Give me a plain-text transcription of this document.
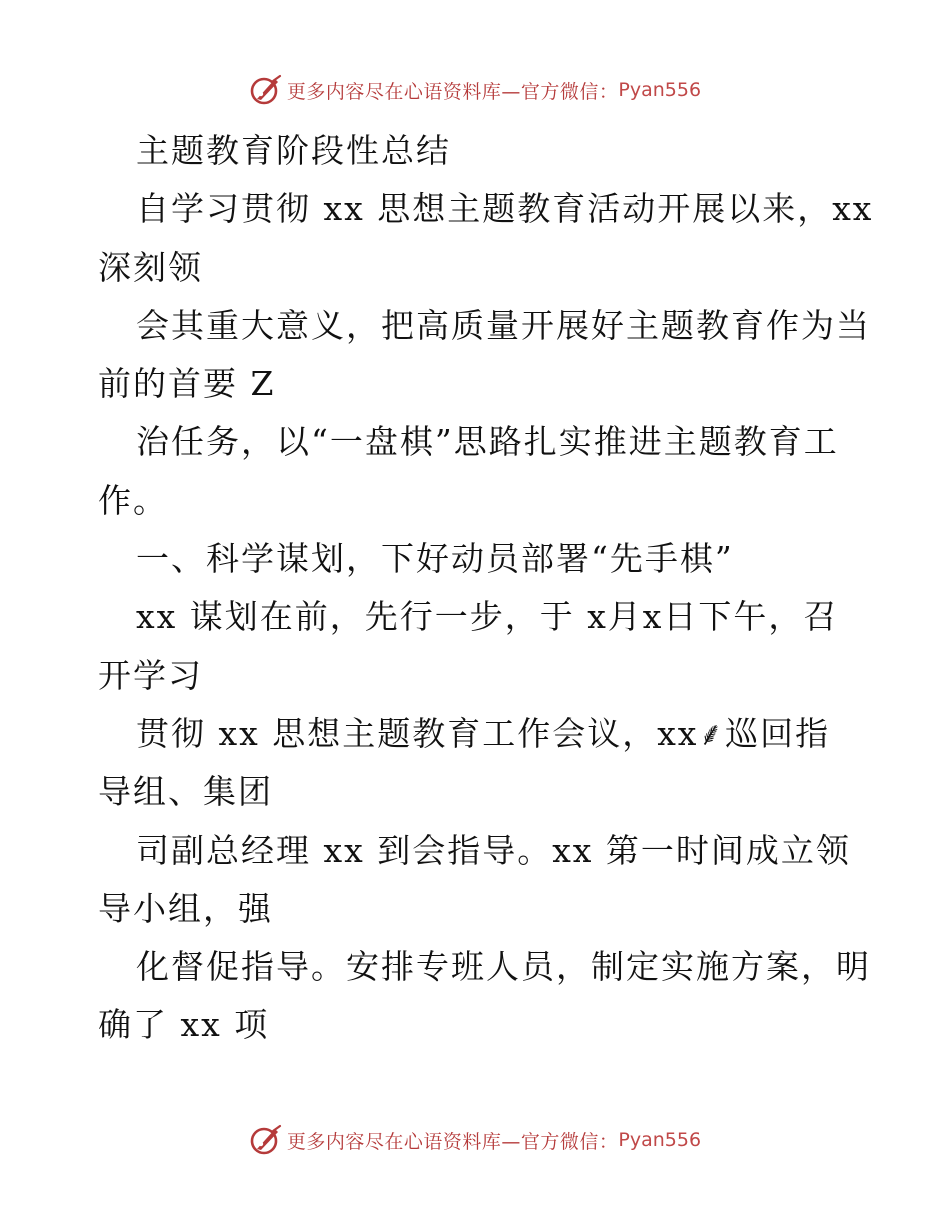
更多内容尽在心语资料库—官方微信： Pyan556
主题教育阶段性总结
自学习贯彻 xx 思想主题教育活动开展以来，xx
深刻领
会其重大意义，把高质量开展好主题教育作为当
前的首要 Z
治任务，以“一盘棋”思路扎实推进主题教育工
作。
一、科学谋划，下好动员部署“先手棋”
xx 谋划在前，先行一步，于 x月x日下午，召
开学习
贯彻 xx 思想主题教育工作会议，xx⸙巡回指
导组、集团
司副总经理 xx 到会指导。xx 第一时间成立领
导小组，强
化督促指导。安排专班人员，制定实施方案，明
确了 xx 项
更多内容尽在心语资料库—官方微信： Pyan556
